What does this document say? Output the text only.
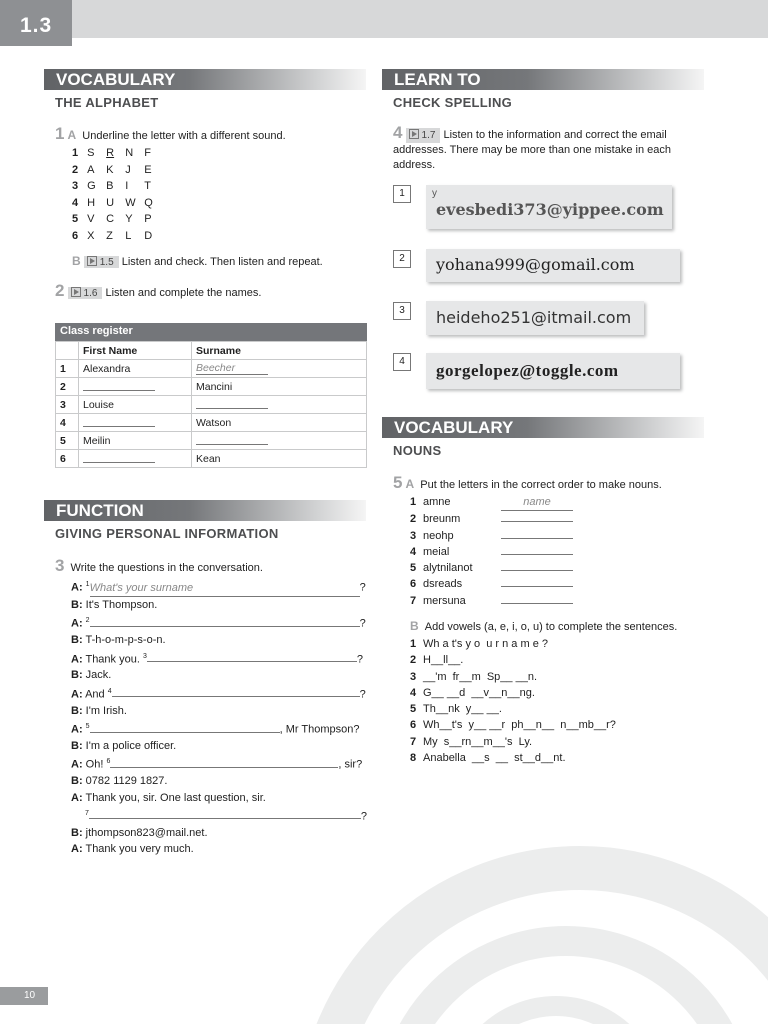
1.3
VOCABULARY
THE ALPHABET
1 A Underline the letter with a different sound.
1 S R N F
2 A K J E
3 G B I T
4 H U W Q
5 V C Y P
6 X Z L D
B 1.5 Listen and check. Then listen and repeat.
2 1.6 Listen and complete the names.
Class register
	First Name	Surname
1	Alexandra	Beecher
2		Mancini
3	Louise	
4		Watson
5	Meilin	
6		Kean
FUNCTION
GIVING PERSONAL INFORMATION
3 Write the questions in the conversation.
A: $^1$What's your surname	?
B: It's Thompson.
A: $^2$	?
B: T-h-o-m-p-s-o-n.
A: Thank you. $^3$	?
B: Jack.
A: And $^4$	?
B: I'm Irish.
A: $^5$	, Mr Thompson?
B: I'm a police officer.
A: Oh! $^6$	, sir?
B: 0782 1129 1827.
A: Thank you, sir. One last question, sir.
$^7$	?
B: jthompson823@mail.net.
A: Thank you very much.
LEARN TO
CHECK SPELLING
4 1.7 Listen to the information and correct the email addresses. There may be more than one mistake in each address.
1	y
evesbedi373@yippee.com
2	yohana999@gomail.com
3	heideho251@itmail.com
4	gorgelopez@toggle.com
VOCABULARY
NOUNS
5 A Put the letters in the correct order to make nouns.
1 amne	name
2 breunm
3 neohp
4 meial
5 alytnilanot
6 dsreads
7 mersuna
B Add vowels (a, e, i, o, u) to complete the sentences.
1 Wh a t's y o  u r n a m e ?
2 H__ll__.
3 __'m  fr__m  Sp__ __n.
4 G__ __d  __v__n__ng.
5 Th__nk  y__ __.
6 Wh__t's  y__ __r  ph__n__  n__mb__r?
7 My  s__rn__m__'s  Ly.
8 Anabella  __s  __  st__d__nt.
10
